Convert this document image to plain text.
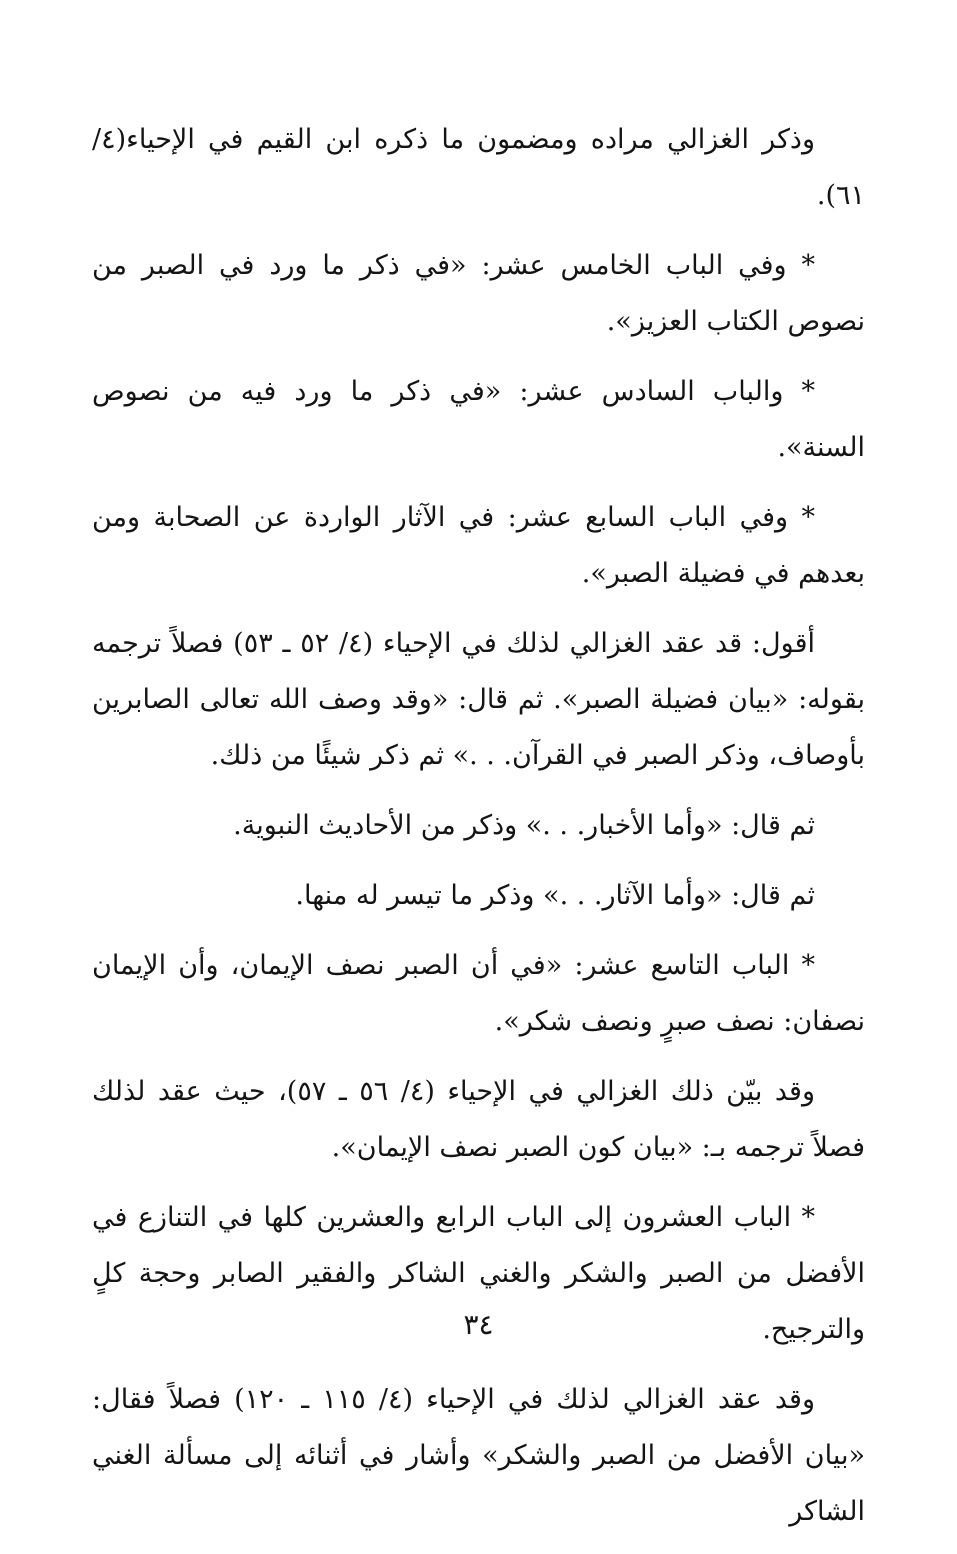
وذكر الغزالي مراده ومضمون ما ذكره ابن القيم في الإحياء(٤/ ٦١).

* وفي الباب الخامس عشر: «في ذكر ما ورد في الصبر من نصوص الكتاب العزيز».

* والباب السادس عشر: «في ذكر ما ورد فيه من نصوص السنة».

* وفي الباب السابع عشر: في الآثار الواردة عن الصحابة ومن بعدهم في فضيلة الصبر».

أقول: قد عقد الغزالي لذلك في الإحياء (٤/ ٥٢ ـ ٥٣) فصلاً ترجمه بقوله: «بيان فضيلة الصبر». ثم قال: «وقد وصف الله تعالى الصابرين بأوصاف، وذكر الصبر في القرآن. . .» ثم ذكر شيئًا من ذلك.

ثم قال: «وأما الأخبار. . .» وذكر من الأحاديث النبوية.

ثم قال: «وأما الآثار. . .» وذكر ما تيسر له منها.

* الباب التاسع عشر: «في أن الصبر نصف الإيمان، وأن الإيمان نصفان: نصف صبرٍ ونصف شكر».

وقد بيّن ذلك الغزالي في الإحياء (٤/ ٥٦ ـ ٥٧)، حيث عقد لذلك فصلاً ترجمه بـ: «بيان كون الصبر نصف الإيمان».

* الباب العشرون إلى الباب الرابع والعشرين كلها في التنازع في الأفضل من الصبر والشكر والغني الشاكر والفقير الصابر وحجة كلٍ والترجيح.

وقد عقد الغزالي لذلك في الإحياء (٤/ ١١٥ ـ ١٢٠) فصلاً فقال: «بيان الأفضل من الصبر والشكر» وأشار في أثنائه إلى مسألة الغني الشاكر

٣٤
